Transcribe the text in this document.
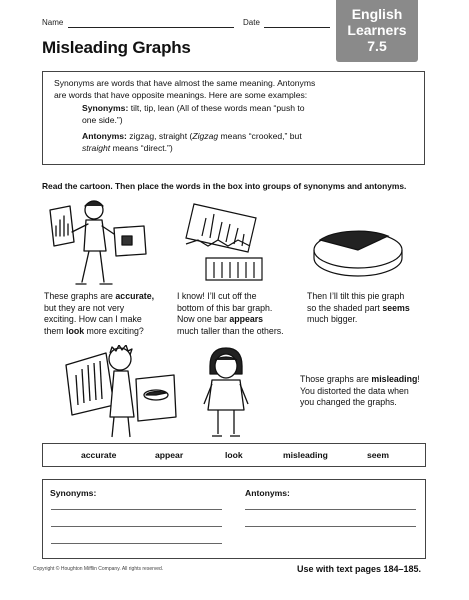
Name	Date
English
Learners
7.5
Misleading Graphs

Synonyms are words that have almost the same meaning. Antonyms

are words that have opposite meanings. Here are some examples:

Synonyms: tilt, tip, lean (All of these words mean “push to

one side.”)

Antonyms: zigzag, straight (Zigzag means “crooked,” but

straight means “direct.”)

Read the cartoon. Then place the words in the box into groups of synonyms and antonyms.
These graphs are accurate,
but they are not very
exciting. How can I make
them look more exciting?
I know! I’ll cut off the
bottom of this bar graph.
Now one bar appears
much taller than the others.
Then I’ll tilt this pie graph
so the shaded part seems
much bigger.
Those graphs are misleading!
You distorted the data when
you changed the graphs.
accurate	appear	look	misleading	seem
Synonyms:	Antonyms:
Copyright © Houghton Mifflin Company. All rights reserved.	Use with text pages 184–185.
